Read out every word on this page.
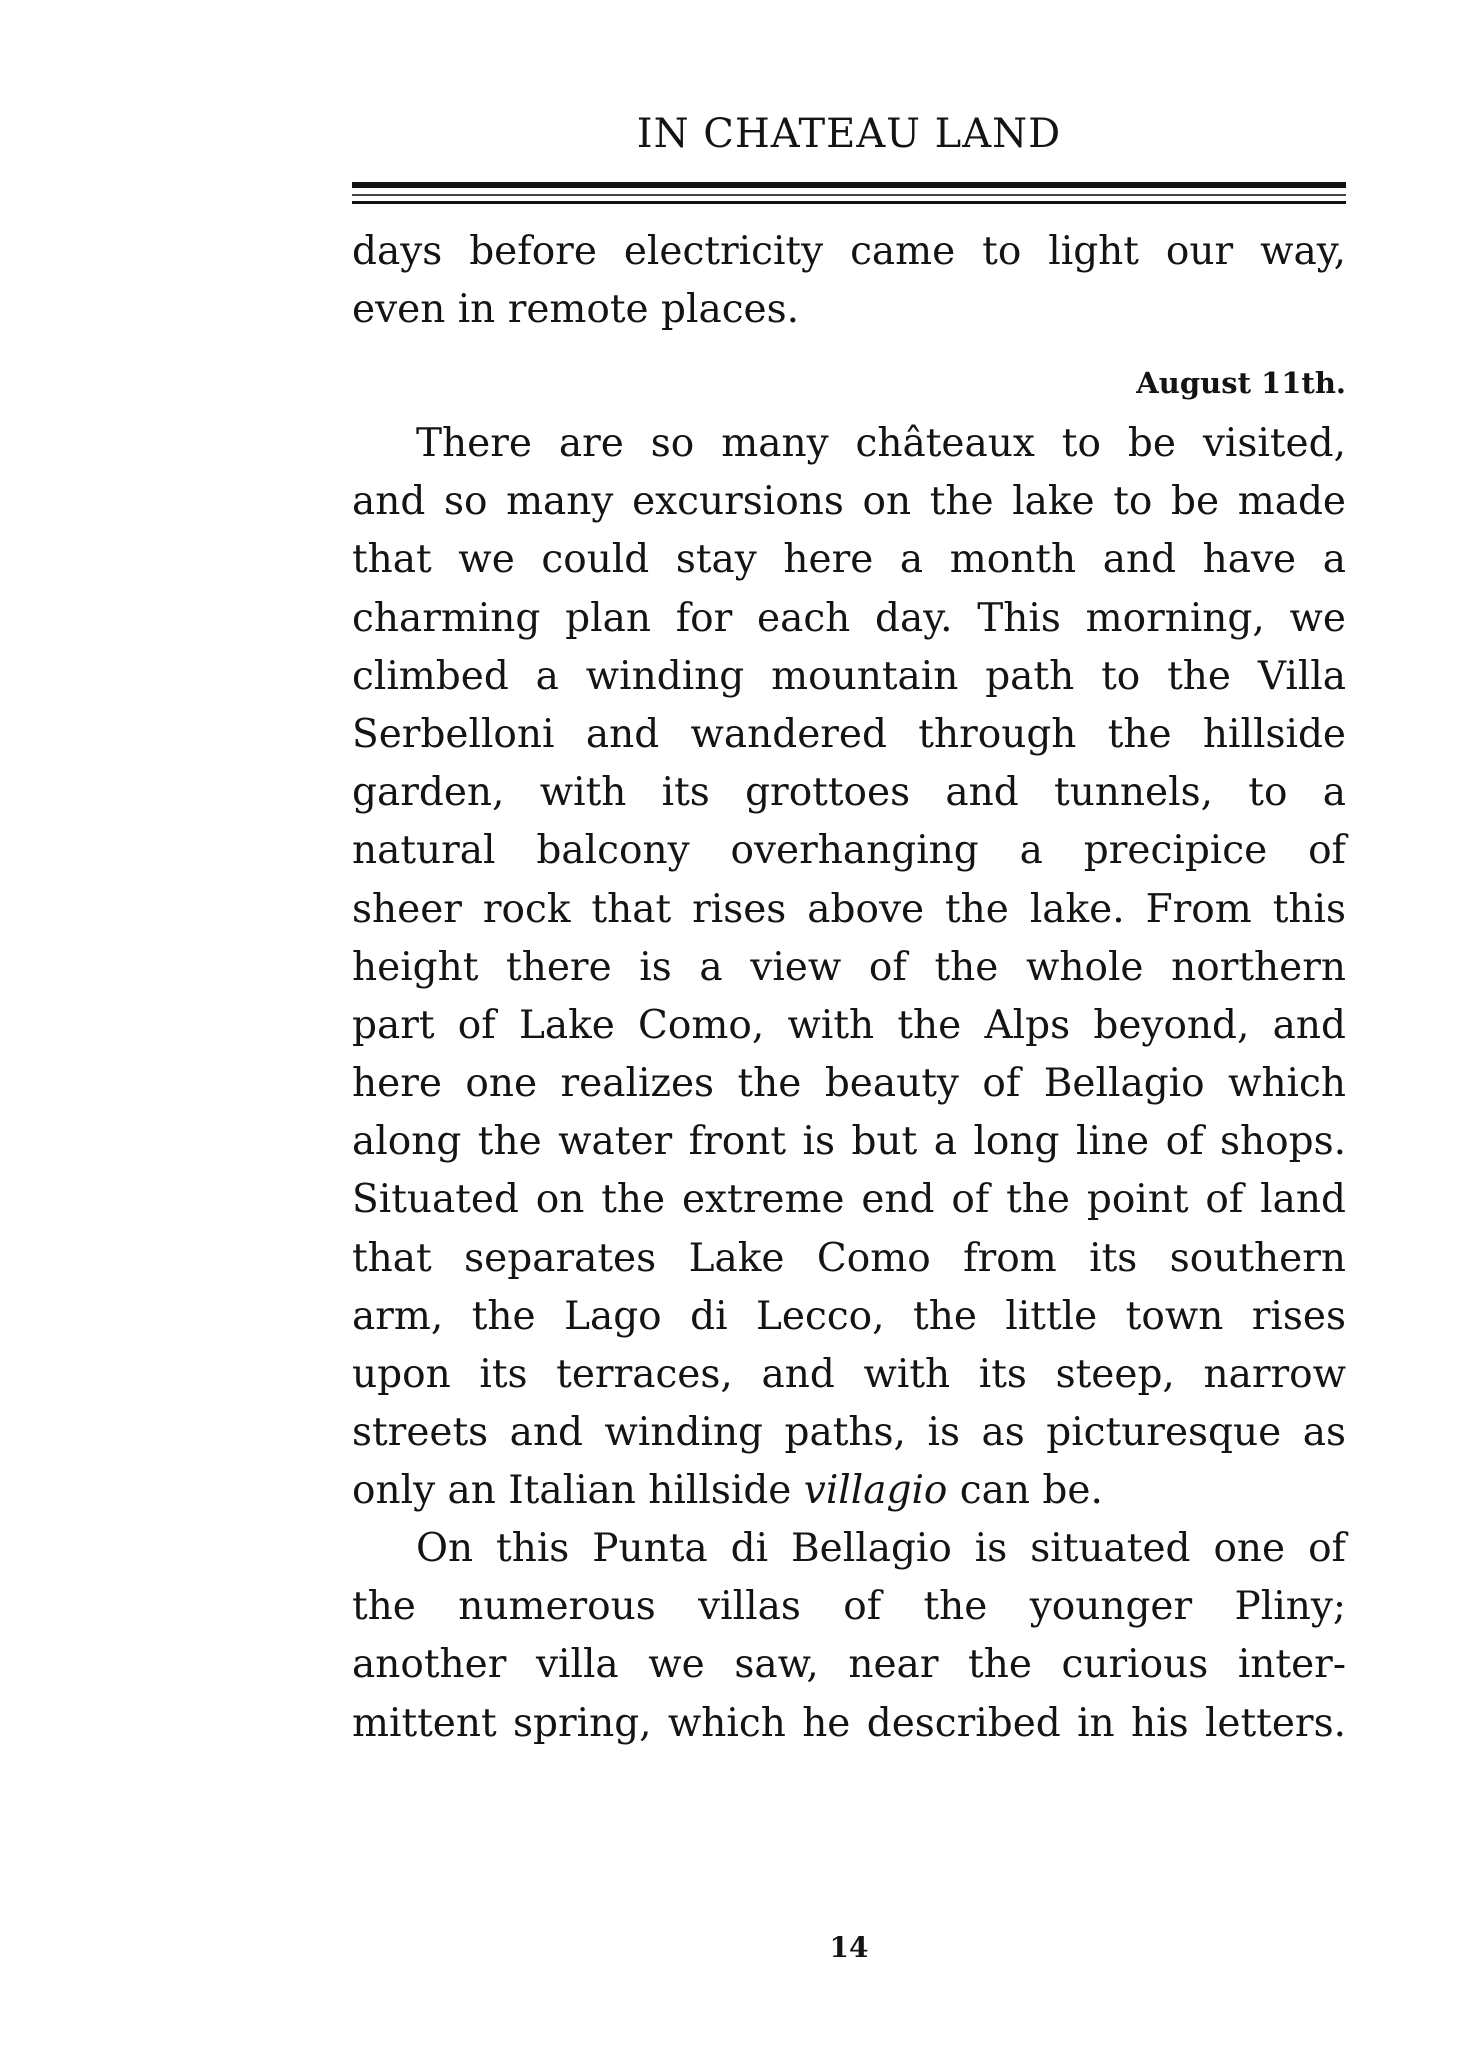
IN CHATEAU LAND
days before electricity came to light our way,
even in remote places.
August 11th.
There are so many châteaux to be visited,
and so many excursions on the lake to be made
that we could stay here a month and have a
charming plan for each day. This morning, we
climbed a winding mountain path to the Villa
Serbelloni and wandered through the hillside
garden, with its grottoes and tunnels, to a
natural balcony overhanging a precipice of
sheer rock that rises above the lake. From this
height there is a view of the whole northern
part of Lake Como, with the Alps beyond, and
here one realizes the beauty of Bellagio which
along the water front is but a long line of shops.
Situated on the extreme end of the point of land
that separates Lake Como from its southern
arm, the Lago di Lecco, the little town rises
upon its terraces, and with its steep, narrow
streets and winding paths, is as picturesque as
only an Italian hillside villagio can be.
On this Punta di Bellagio is situated one of
the numerous villas of the younger Pliny;
another villa we saw, near the curious inter-
mittent spring, which he described in his letters.
14
